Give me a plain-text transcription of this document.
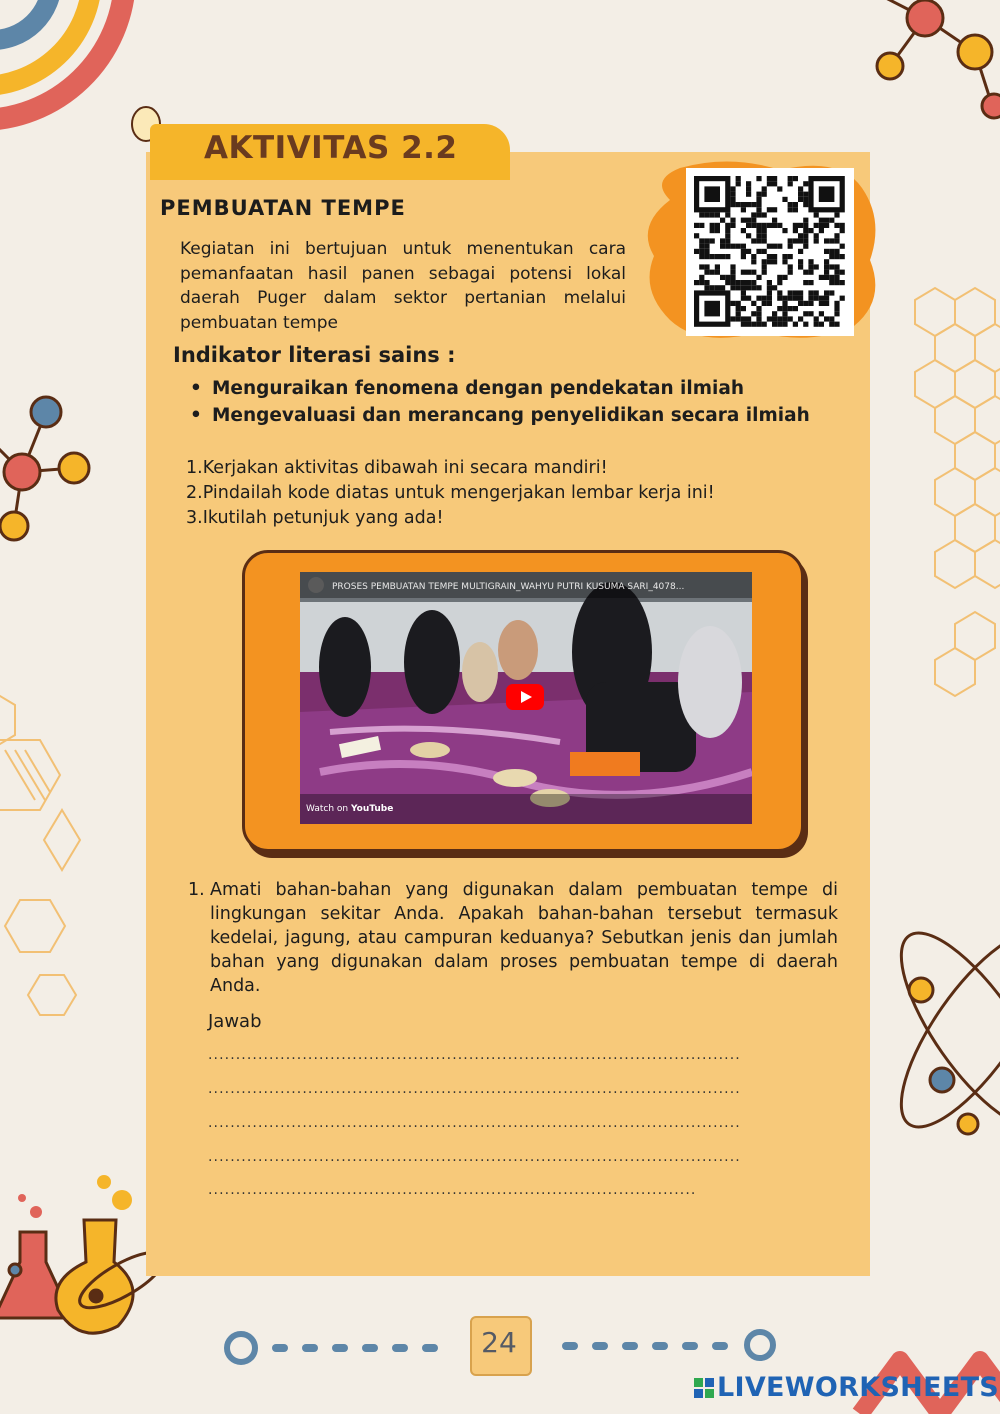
AKTIVITAS 2.2
PEMBUATAN TEMPE

Kegiatan ini bertujuan untuk menentukan cara pemanfaatan hasil panen sebagai potensi lokal daerah Puger dalam sektor pertanian melalui pembuatan tempe

Indikator literasi sains :
• Menguraikan fenomena dengan pendekatan ilmiah
• Mengevaluasi dan merancang penyelidikan secara ilmiah
1.Kerjakan aktivitas dibawah ini secara mandiri!
2.Pindailah kode diatas untuk mengerjakan lembar kerja ini!
3.Ikutilah petunjuk yang ada!
PROSES PEMBUATAN TEMPE MULTIGRAIN_WAHYU PUTRI KUSUMA SARI_4078...
Watch on YouTube
1. Amati bahan-bahan yang digunakan dalam pembuatan tempe di lingkungan sekitar Anda. Apakah bahan-bahan tersebut termasuk kedelai, jagung, atau campuran keduanya? Sebutkan jenis dan jumlah bahan yang digunakan dalam proses pembuatan tempe di daerah Anda.

Jawab
................................................................................................
................................................................................................
................................................................................................
................................................................................................
........................................................................................
24
LIVEWORKSHEETS
